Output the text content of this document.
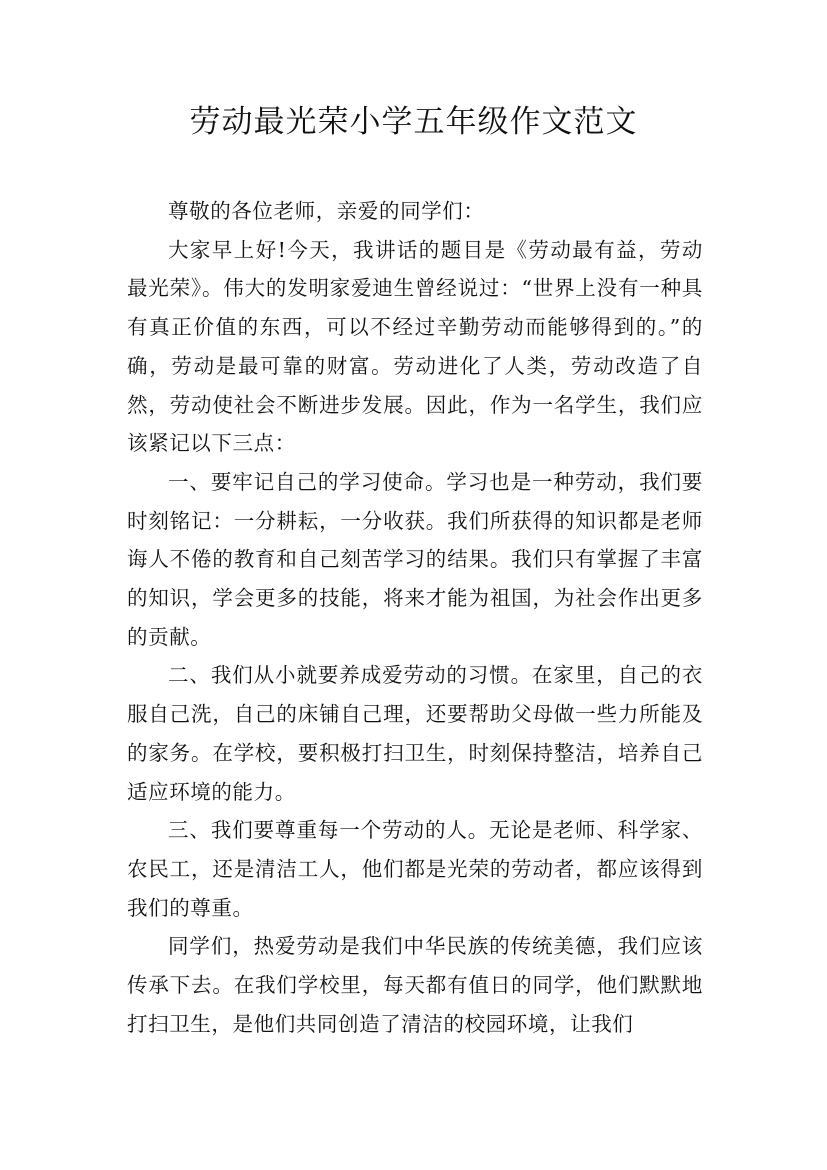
劳动最光荣小学五年级作文范文

尊敬的各位老师，亲爱的同学们：

大家早上好!今天，我讲话的题目是《劳动最有益，劳动最光荣》。伟大的发明家爱迪生曾经说过：“世界上没有一种具有真正价值的东西，可以不经过辛勤劳动而能够得到的。”的确，劳动是最可靠的财富。劳动进化了人类，劳动改造了自然，劳动使社会不断进步发展。因此，作为一名学生，我们应该紧记以下三点：

一、要牢记自己的学习使命。学习也是一种劳动，我们要时刻铭记：一分耕耘，一分收获。我们所获得的知识都是老师诲人不倦的教育和自己刻苦学习的结果。我们只有掌握了丰富的知识，学会更多的技能，将来才能为祖国，为社会作出更多的贡献。

二、我们从小就要养成爱劳动的习惯。在家里，自己的衣服自己洗，自己的床铺自己理，还要帮助父母做一些力所能及的家务。在学校，要积极打扫卫生，时刻保持整洁，培养自己适应环境的能力。

三、我们要尊重每一个劳动的人。无论是老师、科学家、农民工，还是清洁工人，他们都是光荣的劳动者，都应该得到我们的尊重。

同学们，热爱劳动是我们中华民族的传统美德，我们应该传承下去。在我们学校里，每天都有值日的同学，他们默默地打扫卫生，是他们共同创造了清洁的校园环境，让我们
